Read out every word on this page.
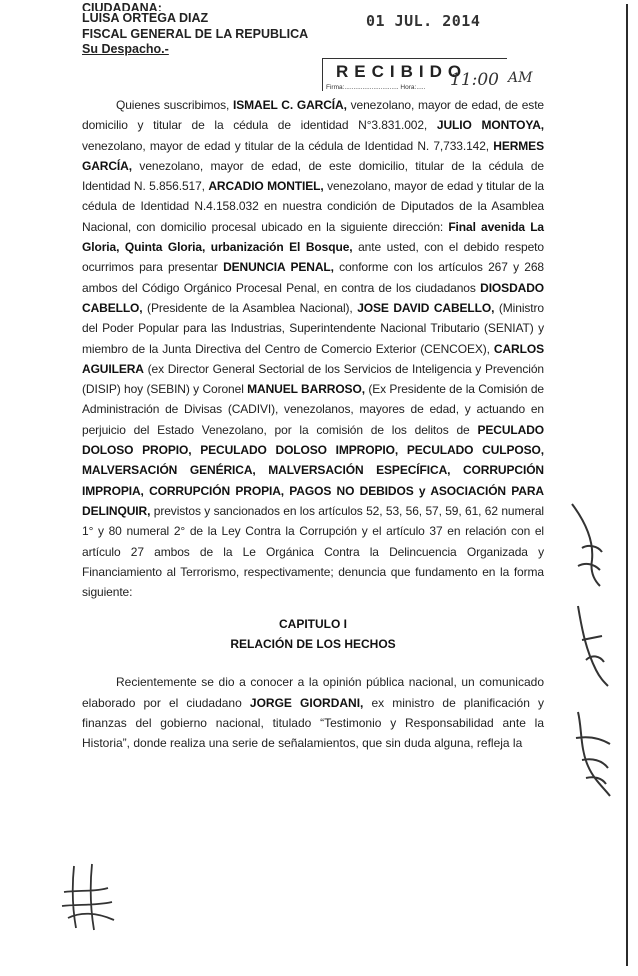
CIUDADANA:
LUISA ORTEGA DIAZ
FISCAL GENERAL DE LA REPUBLICA
Su Despacho.-
01 JUL. 2014
RECIBIDO
Firma:.............................. Hora:..... 11:00 AM

Quienes suscribimos, ISMAEL C. GARCÍA, venezolano, mayor de edad, de este domicilio y titular de la cédula de identidad N°3.831.002, JULIO MONTOYA, venezolano, mayor de edad y titular de la cédula de Identidad N. 7,733.142, HERMES GARCÍA, venezolano, mayor de edad, de este domicilio, titular de la cédula de Identidad N. 5.856.517, ARCADIO MONTIEL, venezolano, mayor de edad y titular de la cédula de Identidad N.4.158.032 en nuestra condición de Diputados de la Asamblea Nacional, con domicilio procesal ubicado en la siguiente dirección: Final avenida La Gloria, Quinta Gloria, urbanización El Bosque, ante usted, con el debido respeto ocurrimos para presentar DENUNCIA PENAL, conforme con los artículos 267 y 268 ambos del Código Orgánico Procesal Penal, en contra de los ciudadanos DIOSDADO CABELLO, (Presidente de la Asamblea Nacional), JOSE DAVID CABELLO, (Ministro del Poder Popular para las Industrias, Superintendente Nacional Tributario (SENIAT) y miembro de la Junta Directiva del Centro de Comercio Exterior (CENCOEX), CARLOS AGUILERA (ex Director General Sectorial de los Servicios de Inteligencia y Prevención (DISIP) hoy (SEBIN) y Coronel MANUEL BARROSO, (Ex Presidente de la Comisión de Administración de Divisas (CADIVI), venezolanos, mayores de edad, y actuando en perjuicio del Estado Venezolano, por la comisión de los delitos de PECULADO DOLOSO PROPIO, PECULADO DOLOSO IMPROPIO, PECULADO CULPOSO, MALVERSACIÓN GENÉRICA, MALVERSACIÓN ESPECÍFICA, CORRUPCIÓN IMPROPIA, CORRUPCIÓN PROPIA, PAGOS NO DEBIDOS y ASOCIACIÓN PARA DELINQUIR, previstos y sancionados en los artículos 52, 53, 56, 57, 59, 61, 62 numeral 1° y 80 numeral 2° de la Ley Contra la Corrupción y el artículo 37 en relación con el artículo 27 ambos de la Le Orgánica Contra la Delincuencia Organizada y Financiamiento al Terrorismo, respectivamente; denuncia que fundamento en la forma siguiente:

CAPITULO I

RELACIÓN DE LOS HECHOS

Recientemente se dio a conocer a la opinión pública nacional, un comunicado elaborado por el ciudadano JORGE GIORDANI, ex ministro de planificación y finanzas del gobierno nacional, titulado “Testimonio y Responsabilidad ante la Historia”, donde realiza una serie de señalamientos, que sin duda alguna, refleja la
